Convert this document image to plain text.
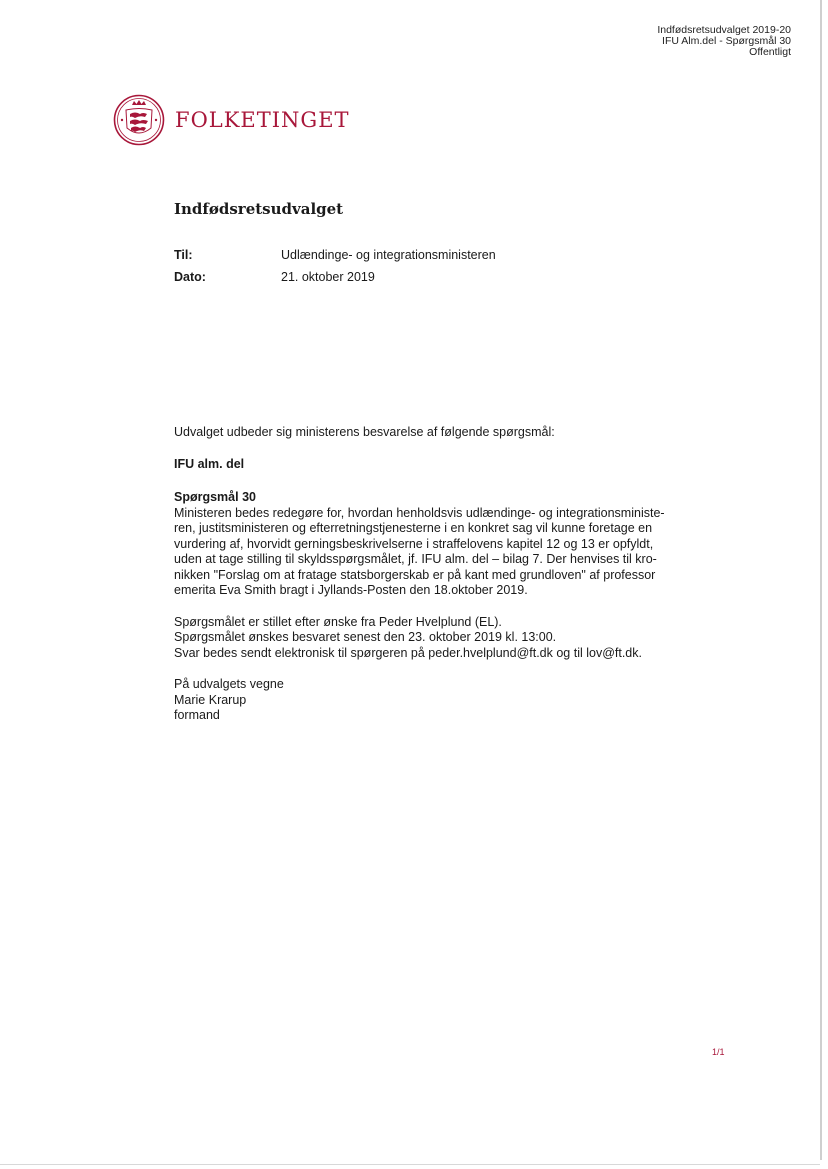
Indfødsretsudvalget 2019-20
IFU Alm.del - Spørgsmål 30
Offentligt
FOLKETINGET
Indfødsretsudvalget
Til:	Udlændinge- og integrationsministeren
Dato:	21. oktober 2019

Udvalget udbeder sig ministerens besvarelse af følgende spørgsmål:

IFU alm. del

Spørgsmål 30

Ministeren bedes redegøre for, hvordan henholdsvis udlændinge- og integrationsministe-
ren, justitsministeren og efterretningstjenesterne i en konkret sag vil kunne foretage en
vurdering af, hvorvidt gerningsbeskrivelserne i straffelovens kapitel 12 og 13 er opfyldt,
uden at tage stilling til skyldsspørgsmålet, jf. IFU alm. del – bilag 7. Der henvises til kro-
nikken "Forslag om at fratage statsborgerskab er på kant med grundloven" af professor
emerita Eva Smith bragt i Jyllands-Posten den 18.oktober 2019.

Spørgsmålet er stillet efter ønske fra Peder Hvelplund (EL).

Spørgsmålet ønskes besvaret senest den 23. oktober 2019 kl. 13:00.

Svar bedes sendt elektronisk til spørgeren på peder.hvelplund@ft.dk og til lov@ft.dk.

På udvalgets vegne

Marie Krarup

formand

1/1
